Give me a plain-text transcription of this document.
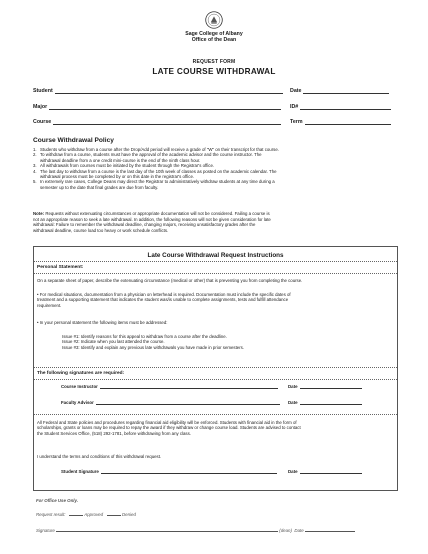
Sage College of Albany
Office of the Dean
REQUEST FORM
LATE COURSE WITHDRAWAL
Student	Date
Major	ID#
Course	Term
Course Withdrawal Policy
1. Students who withdraw from a course after the Drop/Add period will receive a grade of "W" on their transcript for that course.
2. To withdraw from a course, students must have the approval of the academic advisor and the course instructor. The
withdrawal deadline from a one credit mini-course is the end of the ninth class hour.
3. All withdrawals from courses must be initiated by the student through the Registrar's office.
4. The last day to withdraw from a course is the last day of the 10th week of classes as posted on the academic calendar. The
withdrawal process must be completed by or on this date in the registrar's office.
5. In extremely rare cases, College Deans may direct the Registrar to administratively withdraw students at any time during a
semester up to the date that final grades are due from faculty.
Note: Requests without extenuating circumstances or appropriate documentation will not be considered. Failing a course is
not an appropriate reason to seek a late withdrawal. In addition, the following reasons will not be given consideration for late
withdrawal: Failure to remember the withdrawal deadline, changing majors, receiving unsatisfactory grades after the
withdrawal deadline, course load too heavy or work schedule conflicts.
Late Course Withdrawal Request Instructions
Personal Statement:
On a separate sheet of paper, describe the extenuating circumstance (medical or other) that is preventing you from completing the course.
• For medical situations, documentation from a physician on letterhead is required. Documentation must include the specific dates of
treatment and a supporting statement that indicates the student was/is unable to complete assignments, tests and fulfill attendance
requirement.
• In your personal statement the following items must be addressed:
Issue #1: Identify reasons for this appeal to withdraw from a course after the deadline.
Issue #2: Indicate when you last attended the course.
Issue #3: Identify and explain any previous late withdrawals you have made in prior semesters.
The following signatures are required:
Course Instructor	Date
Faculty Advisor	Date
All Federal and State policies and procedures regarding financial aid eligibility will be enforced. Students with financial aid in the form of
scholarships, grants or loans may be required to repay the award if they withdraw or change course load. Students are advised to contact
the Student Services Office, (518) 292-1781, before withdrawing from any class.
I understand the terms and conditions of this withdrawal request.
Student Signature	Date
For Office Use Only.
Request result:	Approved	Denied
Signature	(dean) Date
